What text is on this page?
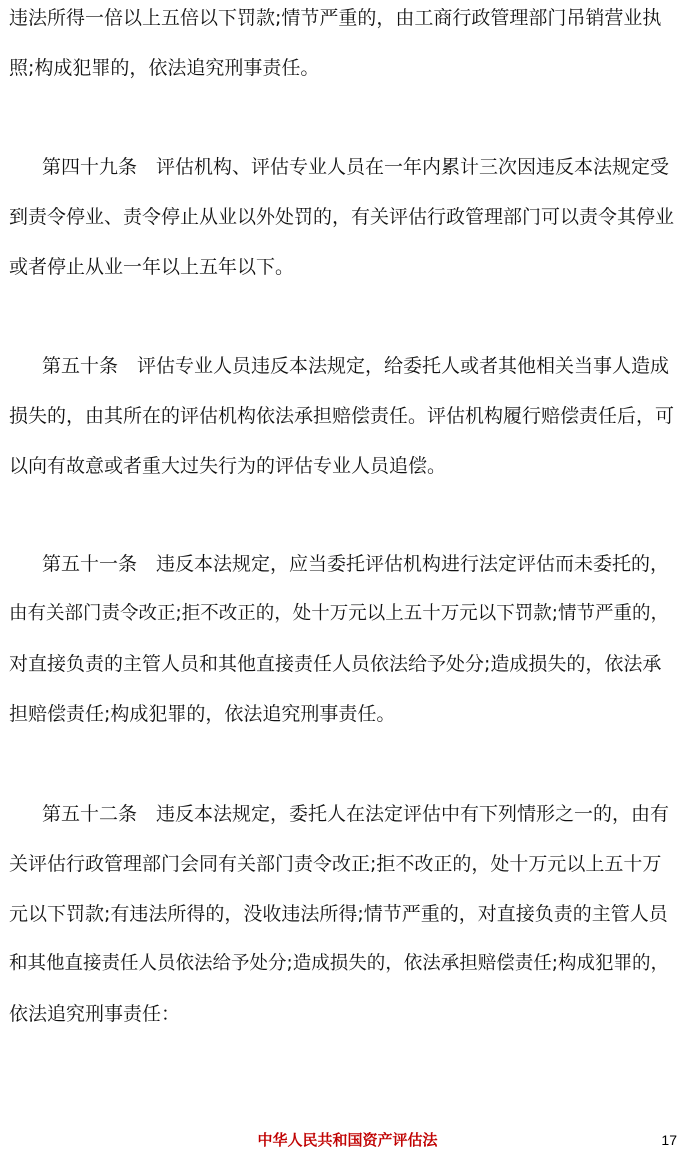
违法所得一倍以上五倍以下罚款;情节严重的，由工商行政管理部门吊销营业执
照;构成犯罪的，依法追究刑事责任。
第四十九条　评估机构、评估专业人员在一年内累计三次因违反本法规定受
到责令停业、责令停止从业以外处罚的，有关评估行政管理部门可以责令其停业
或者停止从业一年以上五年以下。
第五十条　评估专业人员违反本法规定，给委托人或者其他相关当事人造成
损失的，由其所在的评估机构依法承担赔偿责任。评估机构履行赔偿责任后，可
以向有故意或者重大过失行为的评估专业人员追偿。
第五十一条　违反本法规定，应当委托评估机构进行法定评估而未委托的，
由有关部门责令改正;拒不改正的，处十万元以上五十万元以下罚款;情节严重的，
对直接负责的主管人员和其他直接责任人员依法给予处分;造成损失的，依法承
担赔偿责任;构成犯罪的，依法追究刑事责任。
第五十二条　违反本法规定，委托人在法定评估中有下列情形之一的，由有
关评估行政管理部门会同有关部门责令改正;拒不改正的，处十万元以上五十万
元以下罚款;有违法所得的，没收违法所得;情节严重的，对直接负责的主管人员
和其他直接责任人员依法给予处分;造成损失的，依法承担赔偿责任;构成犯罪的，
依法追究刑事责任：
中华人民共和国资产评估法	17
